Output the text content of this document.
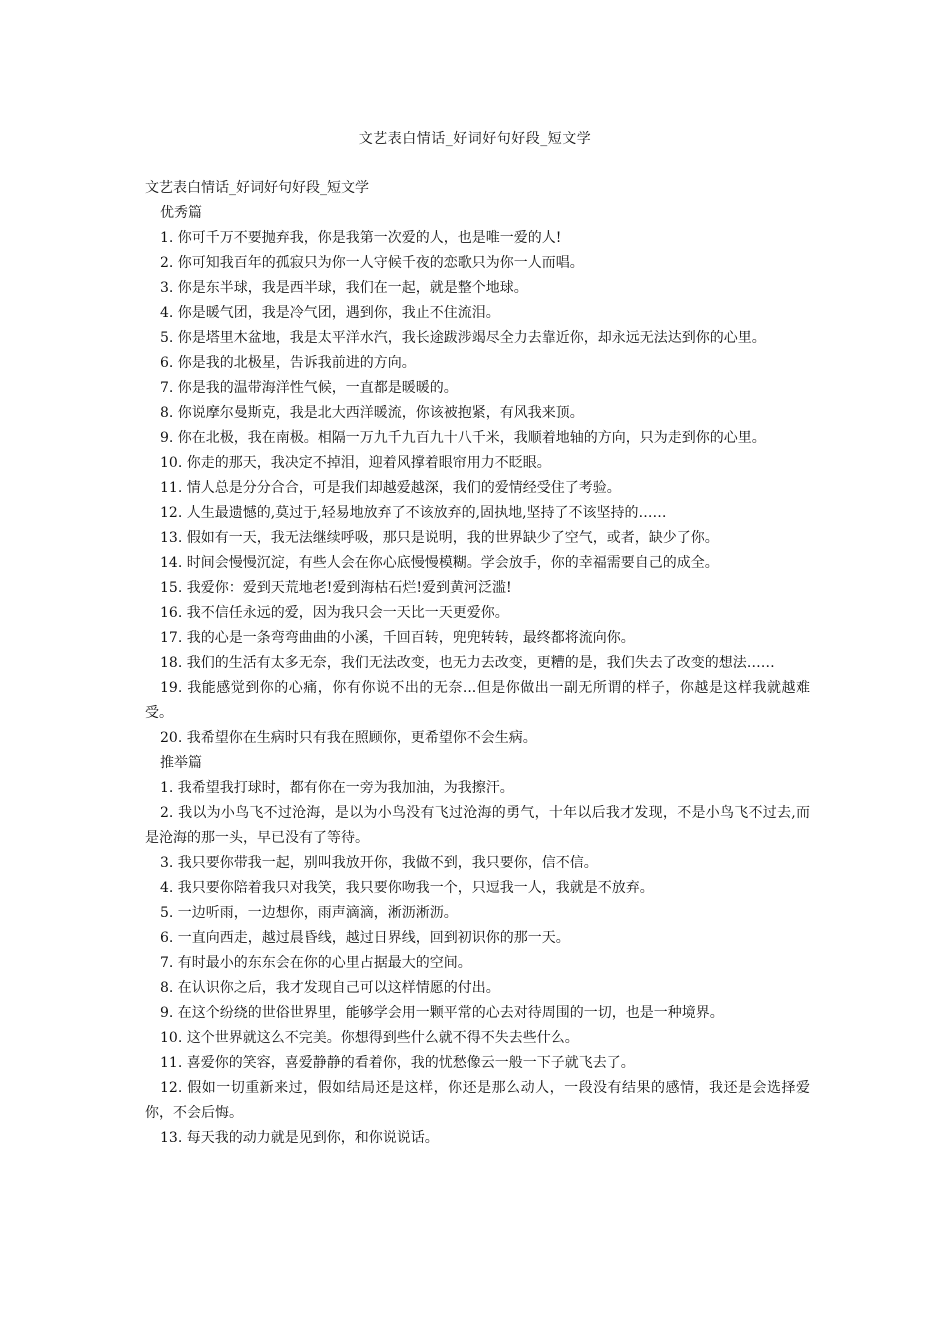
文艺表白情话_好词好句好段_短文学

文艺表白情话_好词好句好段_短文学

优秀篇

1. 你可千万不要抛弃我，你是我第一次爱的人，也是唯一爱的人!

2. 你可知我百年的孤寂只为你一人守候千夜的恋歌只为你一人而唱。

3. 你是东半球，我是西半球，我们在一起，就是整个地球。

4. 你是暖气团，我是冷气团，遇到你，我止不住流泪。

5. 你是塔里木盆地，我是太平洋水汽，我长途跋涉竭尽全力去靠近你，却永远无法达到你的心里。

6. 你是我的北极星，告诉我前进的方向。

7. 你是我的温带海洋性气候，一直都是暖暖的。

8. 你说摩尔曼斯克，我是北大西洋暖流，你该被抱紧，有风我来顶。

9. 你在北极，我在南极。相隔一万九千九百九十八千米，我顺着地轴的方向，只为走到你的心里。

10. 你走的那天，我决定不掉泪，迎着风撑着眼帘用力不眨眼。

11. 情人总是分分合合，可是我们却越爱越深，我们的爱情经受住了考验。

12. 人生最遗憾的,莫过于,轻易地放弃了不该放弃的,固执地,坚持了不该坚持的……

13. 假如有一天，我无法继续呼吸，那只是说明，我的世界缺少了空气，或者，缺少了你。

14. 时间会慢慢沉淀，有些人会在你心底慢慢模糊。学会放手，你的幸福需要自己的成全。

15. 我爱你：爱到天荒地老!爱到海枯石烂!爱到黄河泛滥!

16. 我不信任永远的爱，因为我只会一天比一天更爱你。

17. 我的心是一条弯弯曲曲的小溪，千回百转，兜兜转转，最终都将流向你。

18. 我们的生活有太多无奈，我们无法改变，也无力去改变，更糟的是，我们失去了改变的想法……

19. 我能感觉到你的心痛，你有你说不出的无奈...但是你做出一副无所谓的样子，你越是这样我就越难受。

20. 我希望你在生病时只有我在照顾你，更希望你不会生病。

推举篇

1. 我希望我打球时，都有你在一旁为我加油，为我擦汗。

2. 我以为小鸟飞不过沧海，是以为小鸟没有飞过沧海的勇气，十年以后我才发现，不是小鸟飞不过去,而是沧海的那一头，早已没有了等待。

3. 我只要你带我一起，别叫我放开你，我做不到，我只要你，信不信。

4. 我只要你陪着我只对我笑，我只要你吻我一个，只逗我一人，我就是不放弃。

5. 一边听雨，一边想你，雨声滴滴，淅沥淅沥。

6. 一直向西走，越过晨昏线，越过日界线，回到初识你的那一天。

7. 有时最小的东东会在你的心里占据最大的空间。

8. 在认识你之后，我才发现自己可以这样情愿的付出。

9. 在这个纷绕的世俗世界里，能够学会用一颗平常的心去对待周围的一切，也是一种境界。

10. 这个世界就这么不完美。你想得到些什么就不得不失去些什么。

11. 喜爱你的笑容，喜爱静静的看着你，我的忧愁像云一般一下子就飞去了。

12. 假如一切重新来过，假如结局还是这样，你还是那么动人，一段没有结果的感情，我还是会选择爱你，不会后悔。

13. 每天我的动力就是见到你，和你说说话。
